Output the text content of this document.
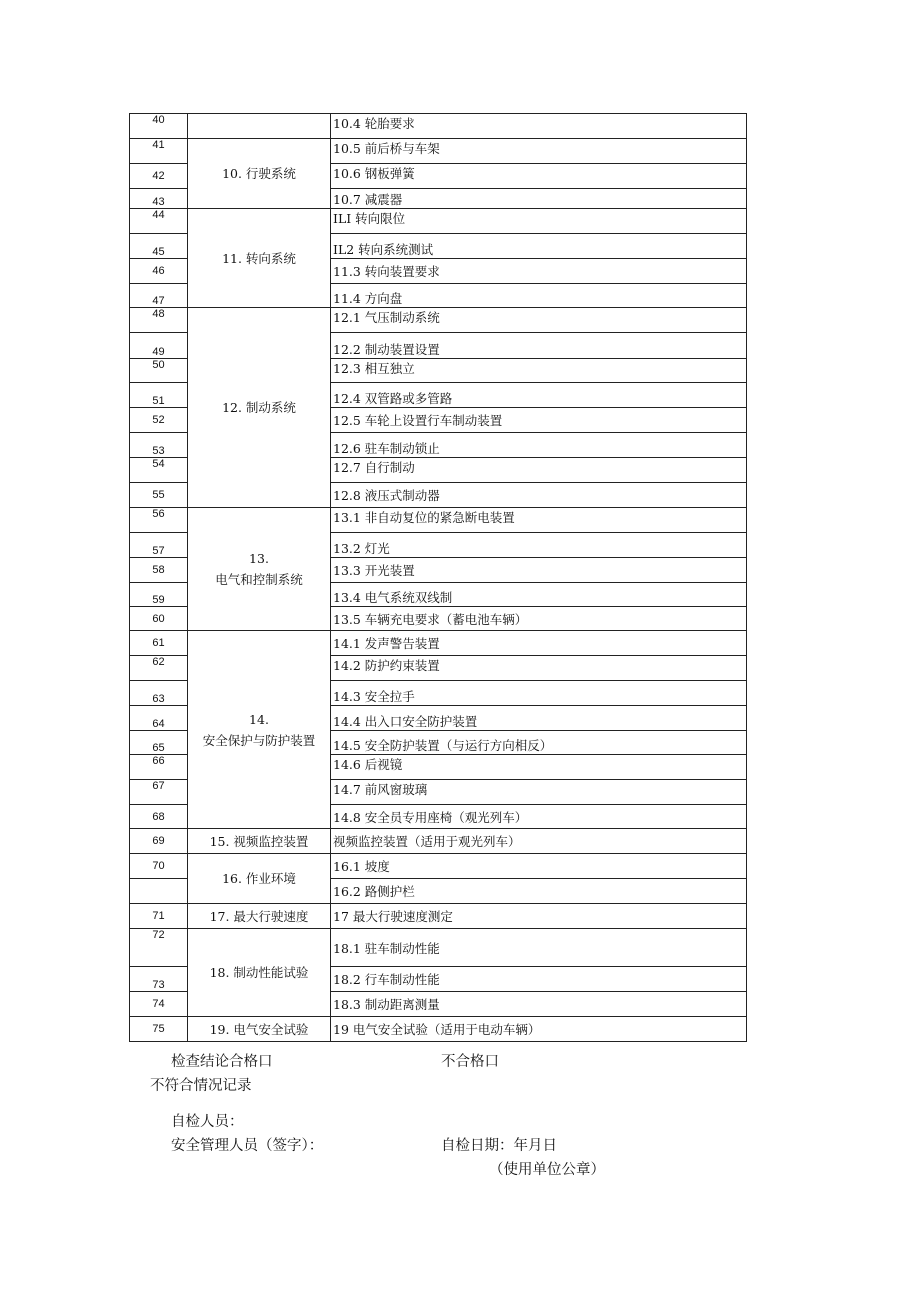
40		10.4 轮胎要求
41	10. 行驶系统	10.5 前后桥与车架
42		10.6 钢板弹簧
43		10.7 减震器
44	11. 转向系统	ILI 转向限位
45		IL2 转向系统测试
46		11.3 转向装置要求
47		11.4 方向盘
48	12. 制动系统	12.1 气压制动系统
49		12.2 制动装置设置
50		12.3 相互独立
51		12.4 双管路或多管路
52		12.5 车轮上设置行车制动装置
53		12.6 驻车制动锁止
54		12.7 自行制动
55		12.8 液压式制动器
56	13.
电气和控制系统	13.1 非自动复位的紧急断电装置
57		13.2 灯光
58		13.3 开光装置
59		13.4 电气系统双线制
60		13.5 车辆充电要求（蓄电池车辆）
61	14.
安全保护与防护装置	14.1 发声警告装置
62		14.2 防护约束装置
63		14.3 安全拉手
64		14.4 出入口安全防护装置
65		14.5 安全防护装置（与运行方向相反）
66		14.6 后视镜
67		14.7 前风窗玻璃
68		14.8 安全员专用座椅（观光列车）
69	15. 视频监控装置	视频监控装置（适用于观光列车）
70	16. 作业环境	16.1 坡度
		16.2 路侧护栏
71	17. 最大行驶速度	17 最大行驶速度测定
72	18. 制动性能试验	18.1 驻车制动性能
73		18.2 行车制动性能
74		18.3 制动距离测量
75	19. 电气安全试验	19 电气安全试验（适用于电动车辆）
检查结论合格口	不合格口
不符合情况记录
自检人员：
安全管理人员（签字）：	自检日期：年月日
（使用单位公章）
